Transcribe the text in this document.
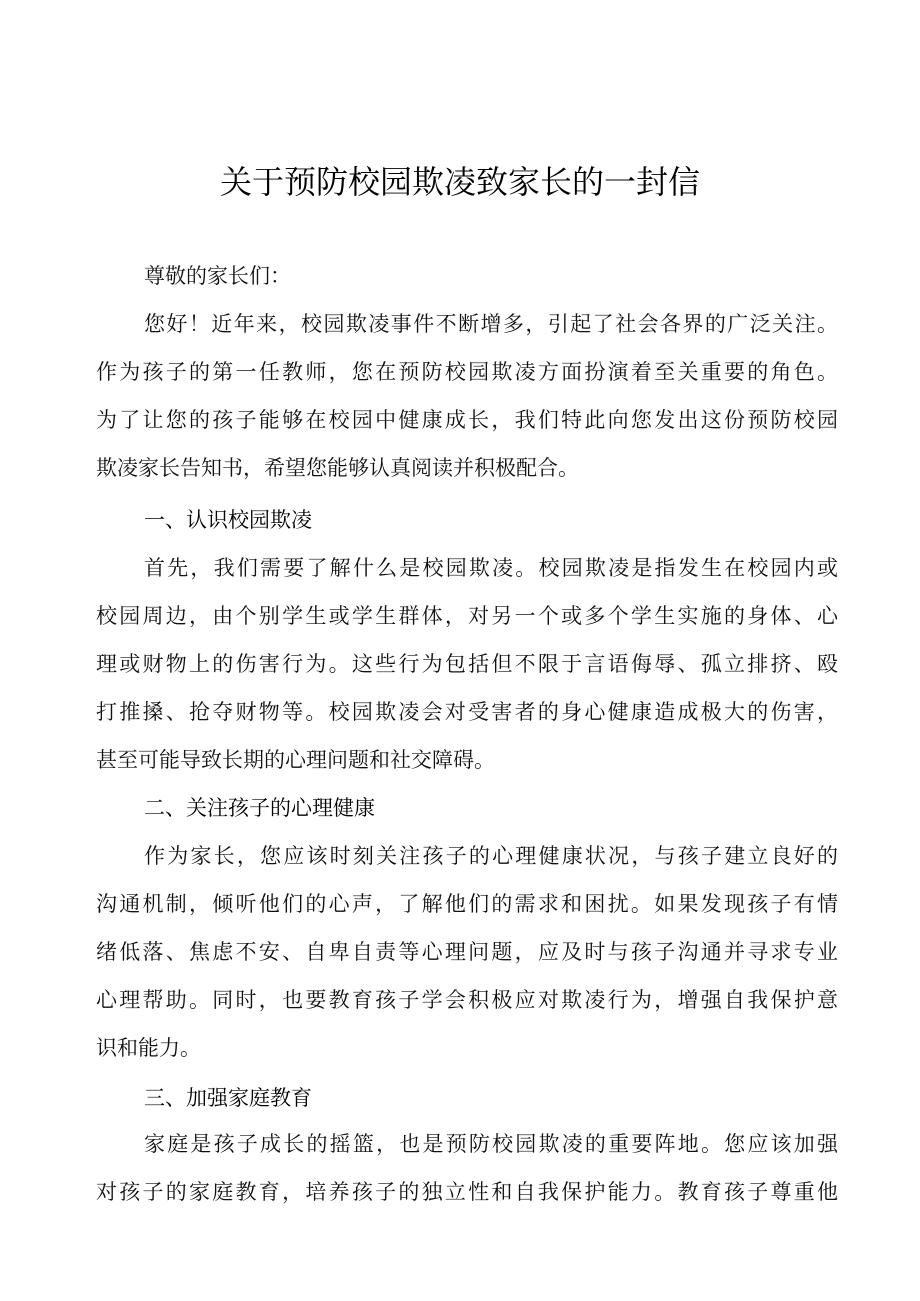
关于预防校园欺凌致家长的一封信
尊敬的家长们：
您好！近年来，校园欺凌事件不断增多，引起了社会各界的广泛关注。
作为孩子的第一任教师，您在预防校园欺凌方面扮演着至关重要的角色。
为了让您的孩子能够在校园中健康成长，我们特此向您发出这份预防校园
欺凌家长告知书，希望您能够认真阅读并积极配合。
一、认识校园欺凌
首先，我们需要了解什么是校园欺凌。校园欺凌是指发生在校园内或
校园周边，由个别学生或学生群体，对另一个或多个学生实施的身体、心
理或财物上的伤害行为。这些行为包括但不限于言语侮辱、孤立排挤、殴
打推搡、抢夺财物等。校园欺凌会对受害者的身心健康造成极大的伤害，
甚至可能导致长期的心理问题和社交障碍。
二、关注孩子的心理健康
作为家长，您应该时刻关注孩子的心理健康状况，与孩子建立良好的
沟通机制，倾听他们的心声，了解他们的需求和困扰。如果发现孩子有情
绪低落、焦虑不安、自卑自责等心理问题，应及时与孩子沟通并寻求专业
心理帮助。同时，也要教育孩子学会积极应对欺凌行为，增强自我保护意
识和能力。
三、加强家庭教育
家庭是孩子成长的摇篮，也是预防校园欺凌的重要阵地。您应该加强
对孩子的家庭教育，培养孩子的独立性和自我保护能力。教育孩子尊重他
